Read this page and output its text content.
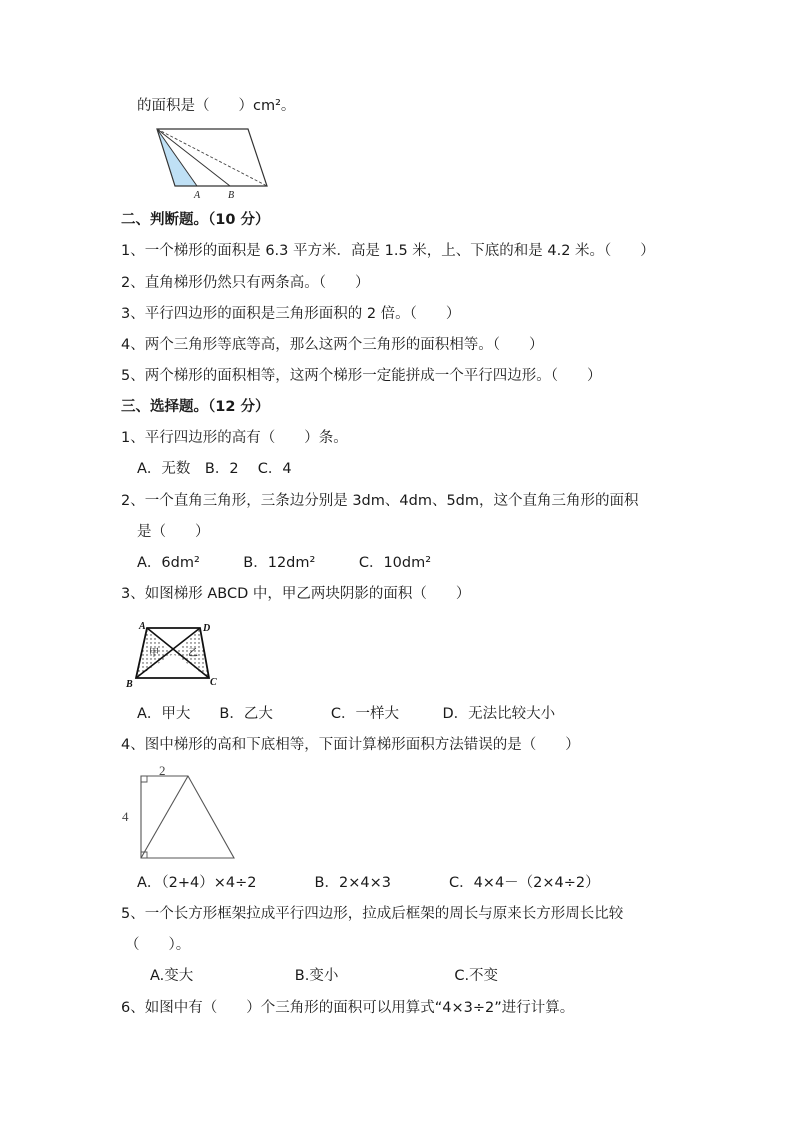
的面积是（　　）cm²。
A	B
二、判断题。（10 分）
1、一个梯形的面积是 6.3 平方米．高是 1.5 米，上、下底的和是 4.2 米。（　　）
2、直角梯形仍然只有两条高。（　　）
3、平行四边形的面积是三角形面积的 2 倍。（　　）
4、两个三角形等底等高，那么这两个三角形的面积相等。（　　）
5、两个梯形的面积相等，这两个梯形一定能拼成一个平行四边形。（　　）
三、选择题。（12 分）
1、平行四边形的高有（　　）条。
A．无数　B．2　 C．4
2、一个直角三角形，三条边分别是 3dm、4dm、5dm，这个直角三角形的面积
是（　　）
A．6dm²　　　B．12dm²　　　C．10dm²
3、如图梯形 ABCD 中，甲乙两块阴影的面积（　　）
A	D
B	C
甲	乙
A．甲大　　B．乙大　　　　C．一样大　　　D．无法比较大小
4、图中梯形的高和下底相等，下面计算梯形面积方法错误的是（　　）
2
4
A．（2+4）×4÷2　　　　B．2×4×3　　　　C．4×4－（2×4÷2）
5、一个长方形框架拉成平行四边形，拉成后框架的周长与原来长方形周长比较
（　　）。
A.变大　　　　　　　B.变小　　　　　　　　C.不变
6、如图中有（　　）个三角形的面积可以用算式“4×3÷2”进行计算。
